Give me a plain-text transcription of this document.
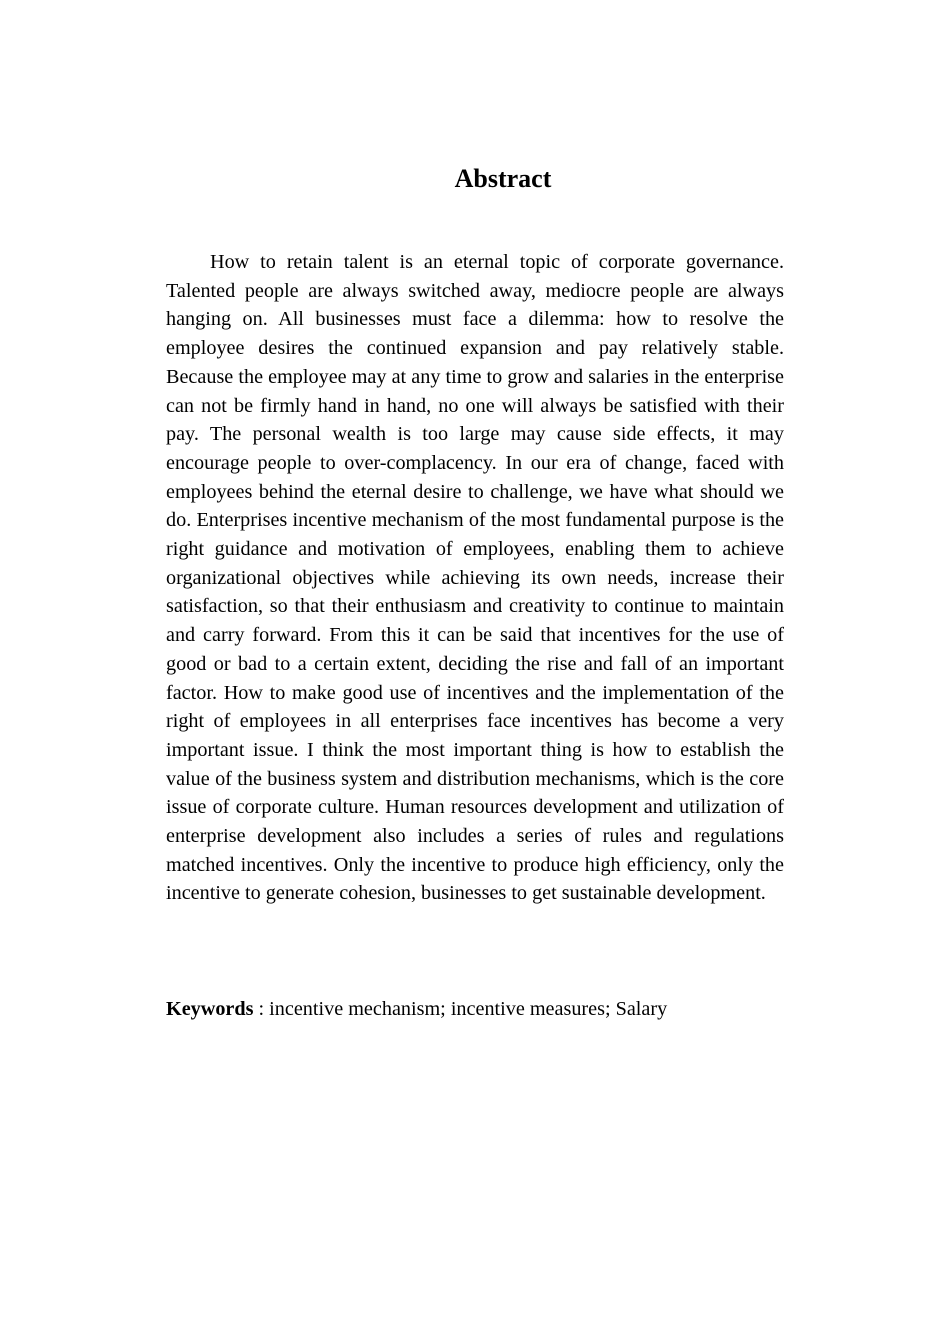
Abstract

How to retain talent is an eternal topic of corporate governance. Talented people are always switched away, mediocre people are always hanging on. All businesses must face a dilemma: how to resolve the employee desires the continued expansion and pay relatively stable. Because the employee may at any time to grow and salaries in the enterprise can not be firmly hand in hand, no one will always be satisfied with their pay. The personal wealth is too large may cause side effects, it may encourage people to over-complacency. In our era of change, faced with employees behind the eternal desire to challenge, we have what should we do. Enterprises incentive mechanism of the most fundamental purpose is the right guidance and motivation of employees, enabling them to achieve organizational objectives while achieving its own needs, increase their satisfaction, so that their enthusiasm and creativity to continue to maintain and carry forward. From this it can be said that incentives for the use of good or bad to a certain extent, deciding the rise and fall of an important factor. How to make good use of incentives and the implementation of the right of employees in all enterprises face incentives has become a very important issue. I think the most important thing is how to establish the value of the business system and distribution mechanisms, which is the core issue of corporate culture. Human resources development and utilization of enterprise development also includes a series of rules and regulations matched incentives. Only the incentive to produce high efficiency, only the incentive to generate cohesion, businesses to get sustainable development.

Keywords : incentive mechanism; incentive measures; Salary
